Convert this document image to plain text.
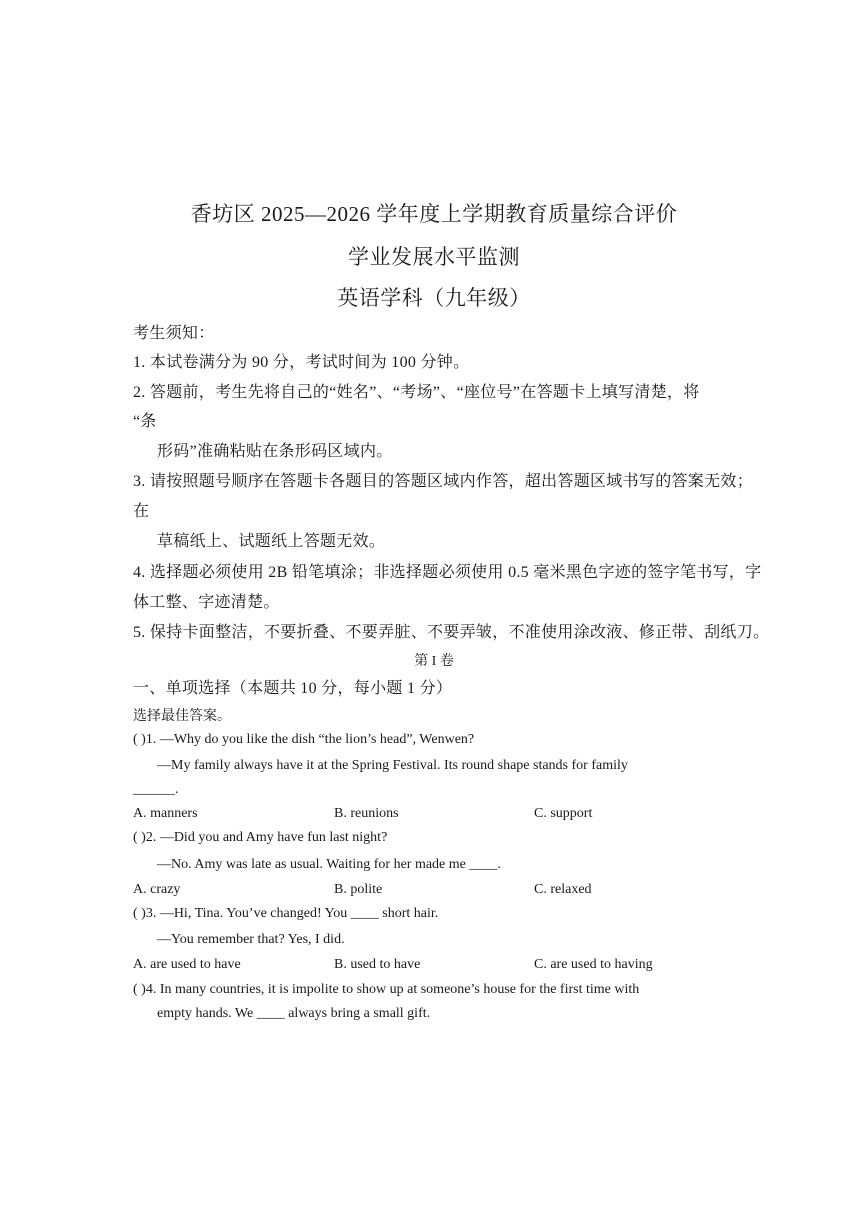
香坊区 2025—2026 学年度上学期教育质量综合评价
学业发展水平监测
英语学科（九年级）
考生须知：
1. 本试卷满分为 90 分，考试时间为 100 分钟。
2. 答题前，考生先将自己的“姓名”、“考场”、“座位号”在答题卡上填写清楚，将
“条
形码”准确粘贴在条形码区域内。
3. 请按照题号顺序在答题卡各题目的答题区域内作答，超出答题区域书写的答案无效；
在
草稿纸上、试题纸上答题无效。
4. 选择题必须使用 2B 铅笔填涂；非选择题必须使用 0.5 毫米黑色字迹的签字笔书写，字
体工整、字迹清楚。
5. 保持卡面整洁，不要折叠、不要弄脏、不要弄皱，不准使用涂改液、修正带、刮纸刀。
第 I 卷
一、单项选择（本题共 10 分，每小题 1 分）
选择最佳答案。
( )1. —Why do you like the dish “the lion’s head”, Wenwen?
—My family always have it at the Spring Festival. Its round shape stands for family
______.
A. manners	B. reunions	C. support
( )2. —Did you and Amy have fun last night?
—No. Amy was late as usual. Waiting for her made me ____.
A. crazy	B. polite	C. relaxed
( )3. —Hi, Tina. You’ve changed! You ____ short hair.
—You remember that? Yes, I did.
A. are used to have	B. used to have	C. are used to having
( )4. In many countries, it is impolite to show up at someone’s house for the first time with
empty hands. We ____ always bring a small gift.
